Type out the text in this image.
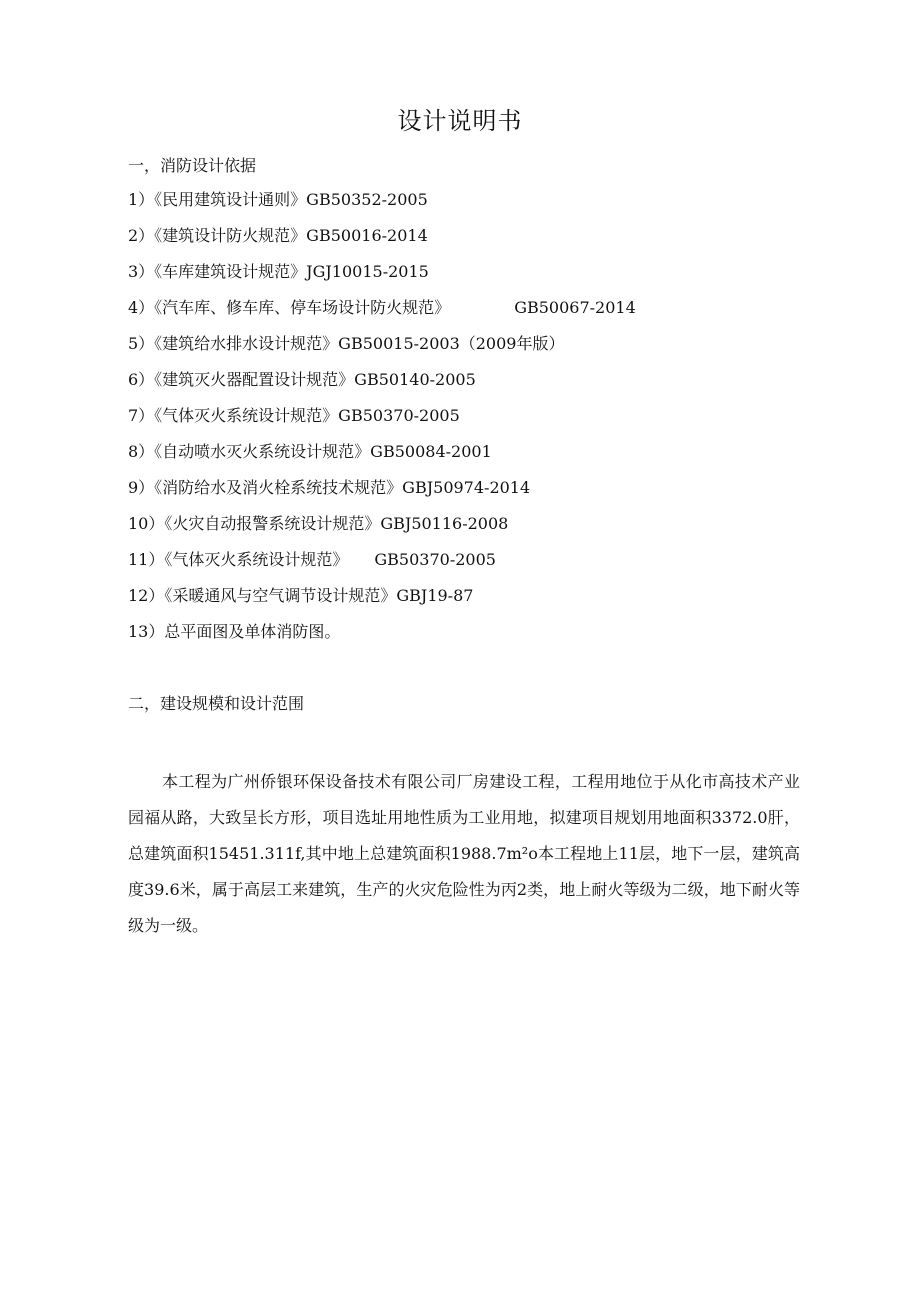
设计说明书
一，消防设计依据
1）《民用建筑设计通则》GB50352-2005
2）《建筑设计防火规范》GB50016-2014
3）《车库建筑设计规范》JGJ10015-2015
4）《汽车库、修车库、停车场设计防火规范》	GB50067-2014
5）《建筑给水排水设计规范》GB50015-2003（2009年版）
6）《建筑灭火器配置设计规范》GB50140-2005
7）《气体灭火系统设计规范》GB50370-2005
8）《自动喷水灭火系统设计规范》GB50084-2001
9）《消防给水及消火栓系统技术规范》GBJ50974-2014
10）《火灾自动报警系统设计规范》GBJ50116-2008
11）《气体灭火系统设计规范》 GB50370-2005
12）《采暖通风与空气调节设计规范》GBJ19-87
13）总平面图及单体消防图。
二，建设规模和设计范围

本工程为广州侨银环保设备技术有限公司厂房建设工程，工程用地位于从化市高技术产业园福从路，大致呈长方形，项目选址用地性质为工业用地，拟建项目规划用地面积3372.0肝，总建筑面积15451.311f,其中地上总建筑面积1988.7m²o本工程地上11层，地下一层，建筑高度39.6米，属于高层工来建筑，生产的火灾危险性为丙2类，地上耐火等级为二级，地下耐火等级为一级。
